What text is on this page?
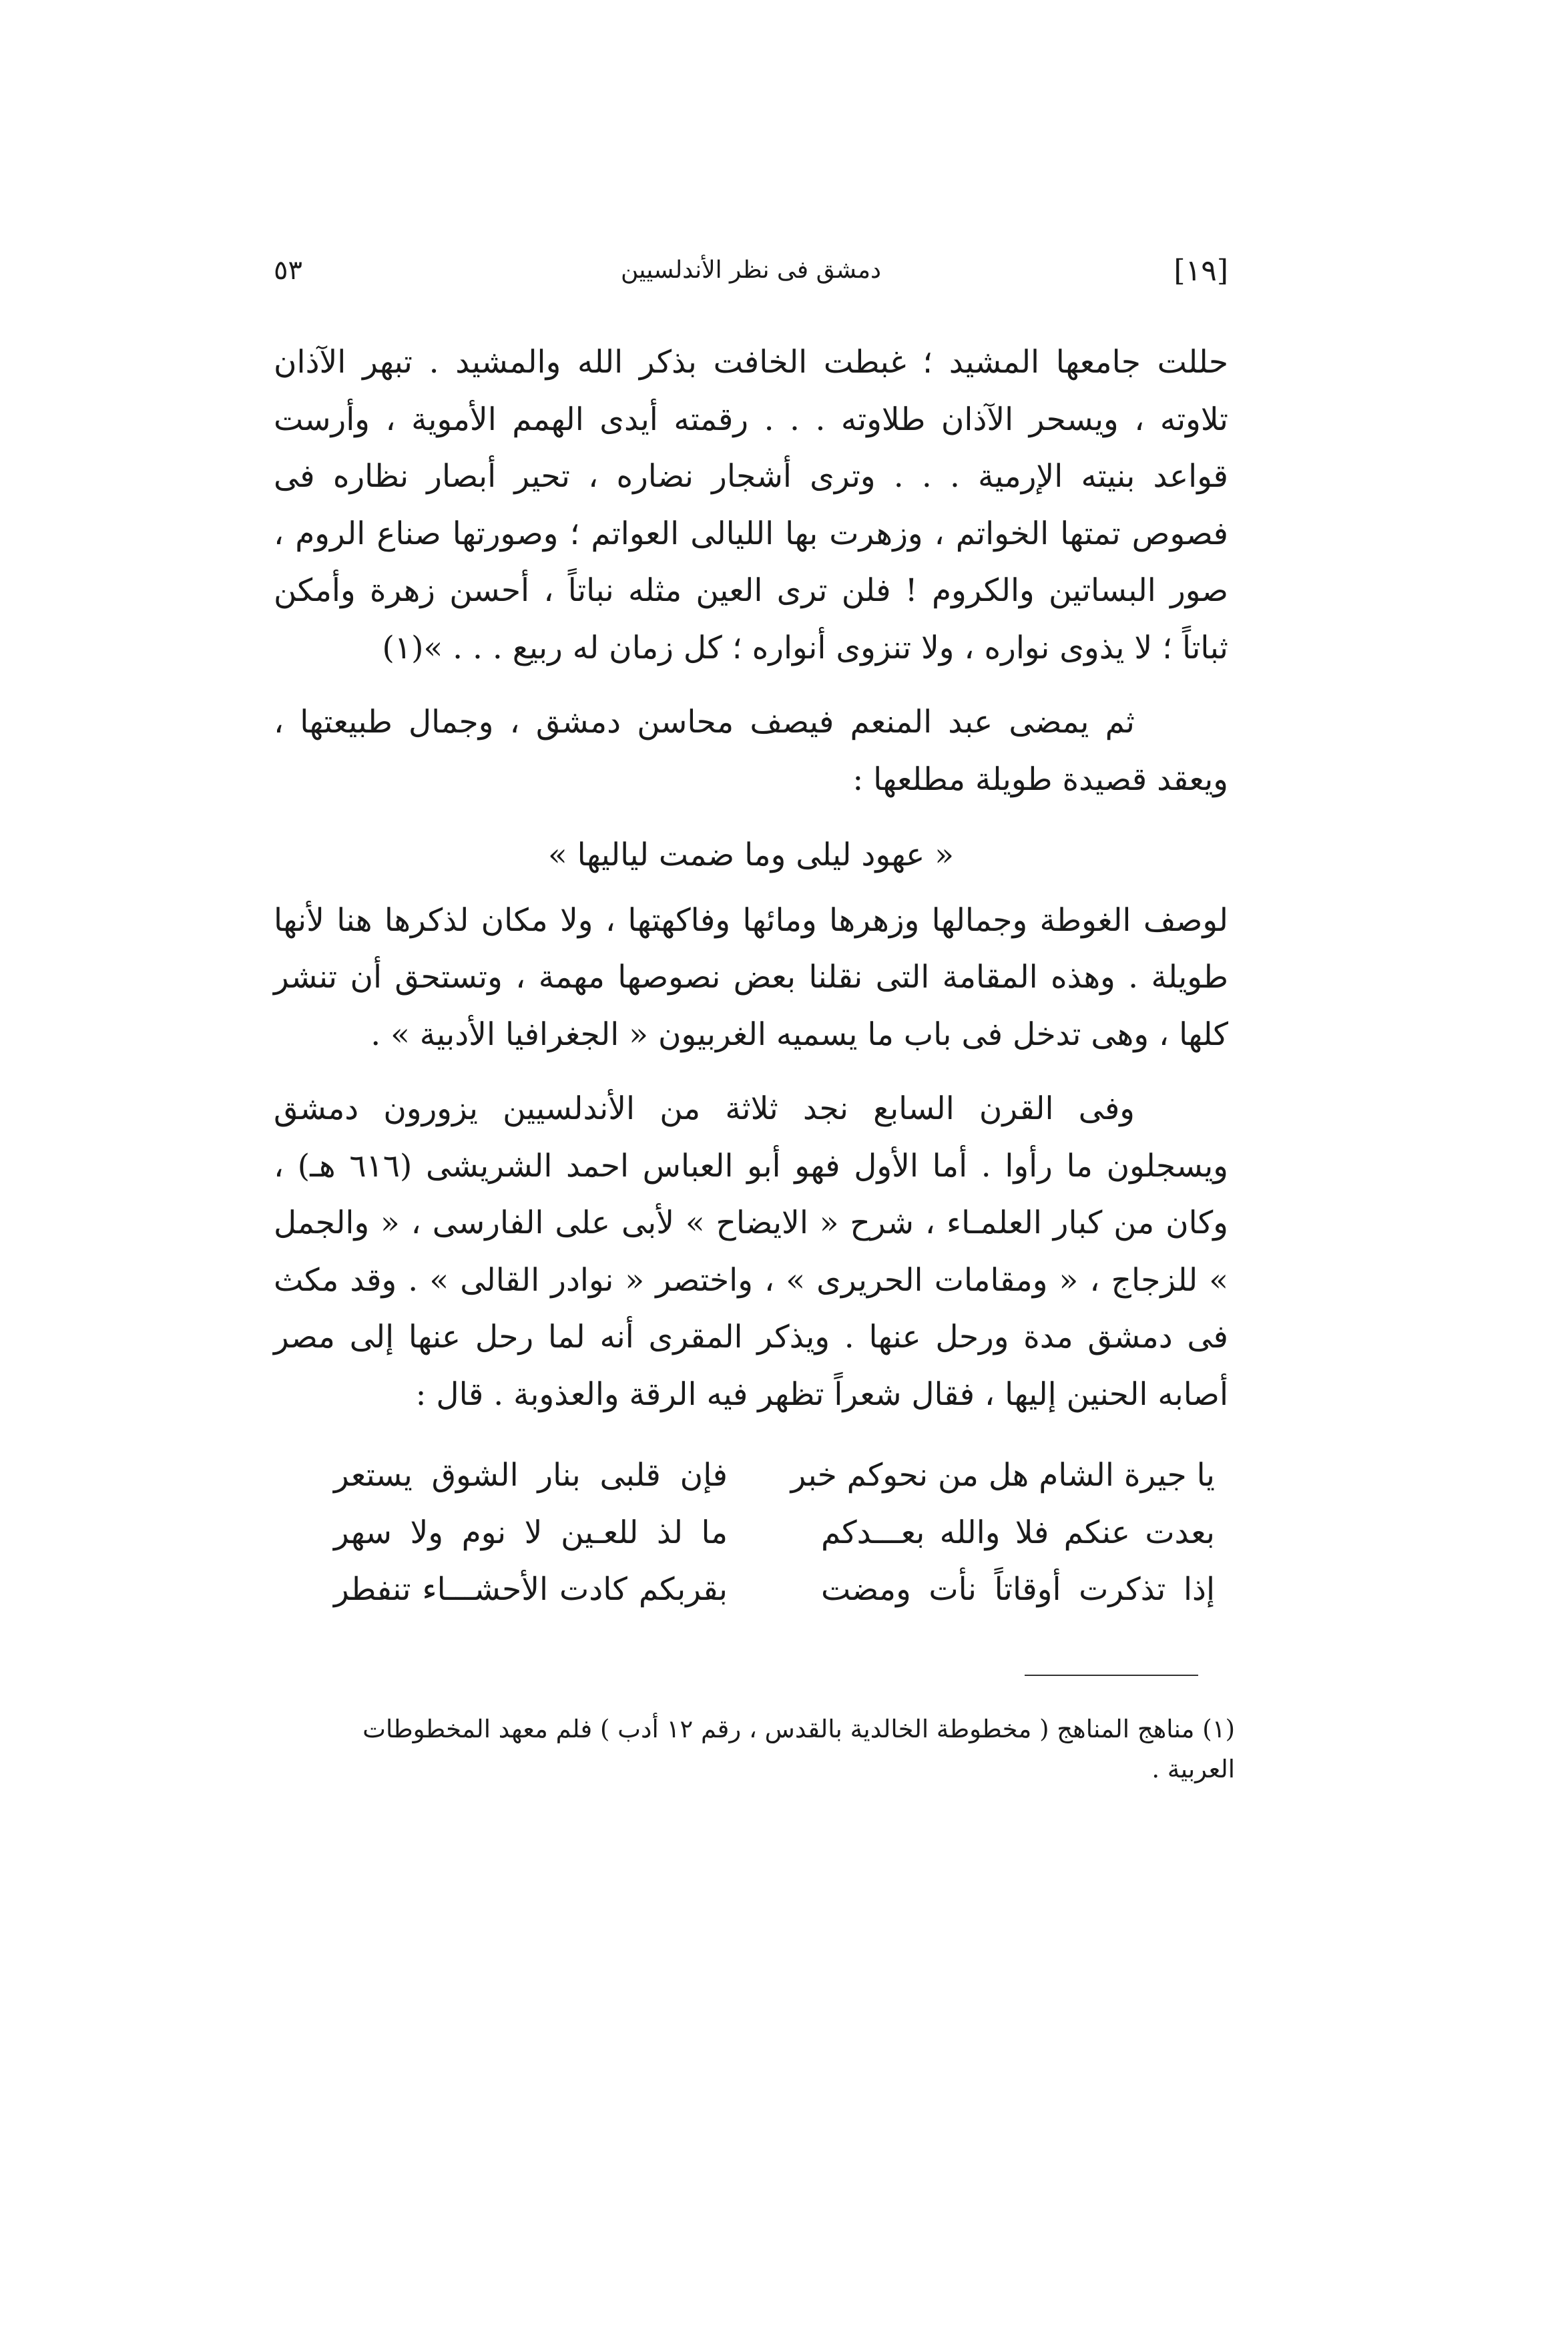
[١٩]
دمشق فى نظر الأندلسيين
٥٣

حللت جامعها المشيد ؛ غبطت الخافت بذكر الله والمشيد . تبهر الآذان تلاوته ، ويسحر الآذان طلاوته . . . رقمته أيدى الهمم الأموية ، وأرست قواعد بنيته الإرمية . . . وترى أشجار نضاره ، تحير أبصار نظاره فى فصوص تمتها الخواتم ، وزهرت بها الليالى العواتم ؛ وصورتها صناع الروم ، صور البساتين والكروم ! فلن ترى العين مثله نباتاً ، أحسن زهرة وأمكن ثباتاً ؛ لا يذوى نواره ، ولا تنزوى أنواره ؛ كل زمان له ربيع . . . »(١)

ثم يمضى عبد المنعم فيصف محاسن دمشق ، وجمال طبيعتها ، ويعقد قصيدة طويلة مطلعها :

« عهود ليلى وما ضمت لياليها »

لوصف الغوطة وجمالها وزهرها ومائها وفاكهتها ، ولا مكان لذكرها هنا لأنها طويلة . وهذه المقامة التى نقلنا بعض نصوصها مهمة ، وتستحق أن تنشر كلها ، وهى تدخل فى باب ما يسميه الغربيون « الجغرافيا الأدبية » .

وفى القرن السابع نجد ثلاثة من الأندلسيين يزورون دمشق ويسجلون ما رأوا . أما الأول فهو أبو العباس احمد الشريشى (٦١٦ هـ) ، وكان من كبار العلمـاء ، شرح « الايضاح » لأبى على الفارسى ، « والجمل » للزجاج ، « ومقامات الحريرى » ، واختصر « نوادر القالى » . وقد مكث فى دمشق مدة ورحل عنها . ويذكر المقرى أنه لما رحل عنها إلى مصر أصابه الحنين إليها ، فقال شعراً تظهر فيه الرقة والعذوبة . قال :

يا جيرة الشام هل من نحوكم خبر
فإن قلبى بنار الشوق يستعر
بعدت عنكم فلا والله بعـــدكم
ما لذ للعـين لا نوم ولا سهر
إذا تذكرت أوقاتاً نأت ومضت
بقربكم كادت الأحشـــاء تنفطر
(١) مناهج المناهج ( مخطوطة الخالدية بالقدس ، رقم ١٢ أدب ) فلم معهد المخطوطات العربية .
